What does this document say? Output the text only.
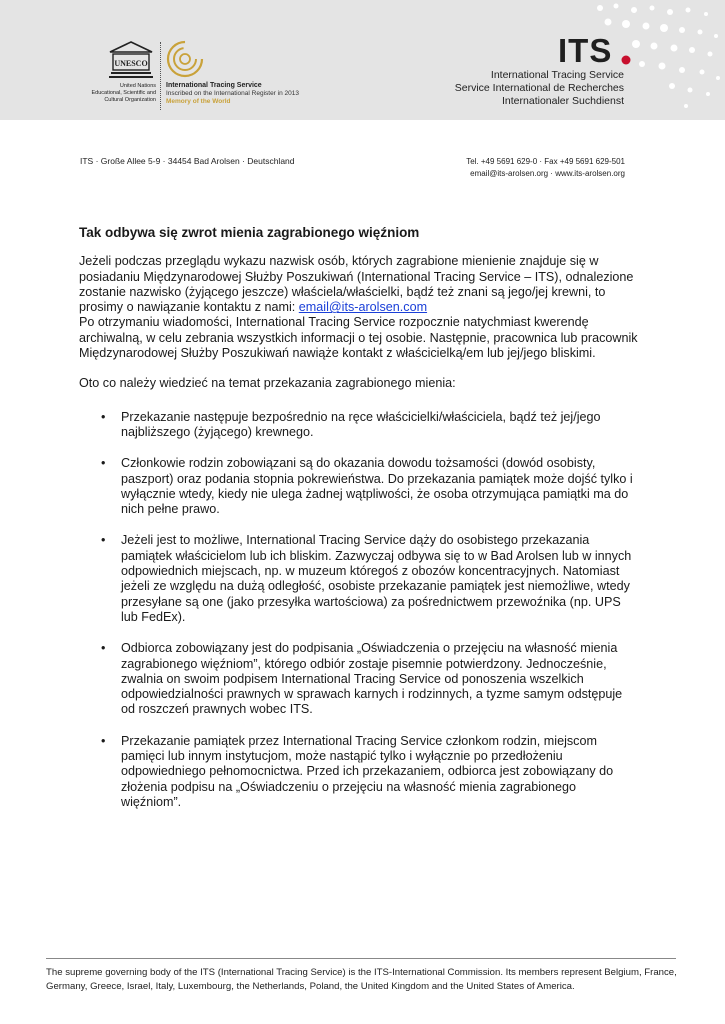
UNESCO
United Nations
Educational, Scientific and
Cultural Organization
International Tracing Service
Inscribed on the International Register in 2013
Memory of the World
ITS
International Tracing Service
Service International de Recherches
Internationaler Suchdienst
ITS · Große Allee 5-9 · 34454 Bad Arolsen · Deutschland	Tel. +49 5691 629-0 · Fax +49 5691 629-501
email@its-arolsen.org · www.its-arolsen.org
Tak odbywa się zwrot mienia zagrabionego więźniom

Jeżeli podczas przeglądu wykazu nazwisk osób, których zagrabione mienienie znajduje się w posiadaniu Międzynarodowej Służby Poszukiwań (International Tracing Service – ITS), odnalezione zostanie nazwisko (żyjącego jeszcze) właściela/właścielki, bądź też znani są jego/jej krewni, to prosimy o nawiązanie kontaktu z nami: email@its-arolsen.com
Po otrzymaniu wiadomości, International Tracing Service rozpocznie natychmiast kwerendę archiwalną, w celu zebrania wszystkich informacji o tej osobie. Następnie, pracownica lub pracownik Międzynarodowej Służby Poszukiwań nawiąże kontakt z właścicielką/em lub jej/jego bliskimi.

Oto co należy wiedzieć na temat przekazania zagrabionego mienia:

• Przekazanie następuje bezpośrednio na ręce właścicielki/właściciela, bądź też jej/jego najbliższego (żyjącego) krewnego.
• Członkowie rodzin zobowiązani są do okazania dowodu tożsamości (dowód osobisty, paszport) oraz podania stopnia pokrewieństwa. Do przekazania pamiątek może dojść tylko i wyłącznie wtedy, kiedy nie ulega żadnej wątpliwości, że osoba otrzymująca pamiątki ma do nich pełne prawo.
• Jeżeli jest to możliwe, International Tracing Service dąży do osobistego przekazania pamiątek właścicielom lub ich bliskim. Zazwyczaj odbywa się to w Bad Arolsen lub w innych odpowiednich miejscach, np. w muzeum któregoś z obozów koncentracyjnych. Natomiast jeżeli ze względu na dużą odległość, osobiste przekazanie pamiątek jest niemożliwe, wtedy przesyłane są one (jako przesyłka wartościowa) za pośrednictwem przewoźnika (np. UPS lub FedEx).
• Odbiorca zobowiązany jest do podpisania „Oświadczenia o przejęciu na własność mienia zagrabionego więźniom”, którego odbiór zostaje pisemnie potwierdzony. Jednocześnie, zwalnia on swoim podpisem International Tracing Service od ponoszenia wszelkich odpowiedzialności prawnych w sprawach karnych i rodzinnych, a tyzme samym odstępuje od roszczeń prawnych wobec ITS.
• Przekazanie pamiątek przez International Tracing Service członkom rodzin, miejscom pamięci lub innym instytucjom, może nastąpić tylko i wyłącznie po przedłożeniu odpowiedniego pełnomocnictwa. Przed ich przekazaniem, odbiorca jest zobowiązany do złożenia podpisu na „Oświadczeniu o przejęciu na własność mienia zagrabionego więźniom”.
The supreme governing body of the ITS (International Tracing Service) is the ITS-International Commission. Its members represent Belgium, France, Germany, Greece, Israel, Italy, Luxembourg, the Netherlands, Poland, the United Kingdom and the United States of America.
